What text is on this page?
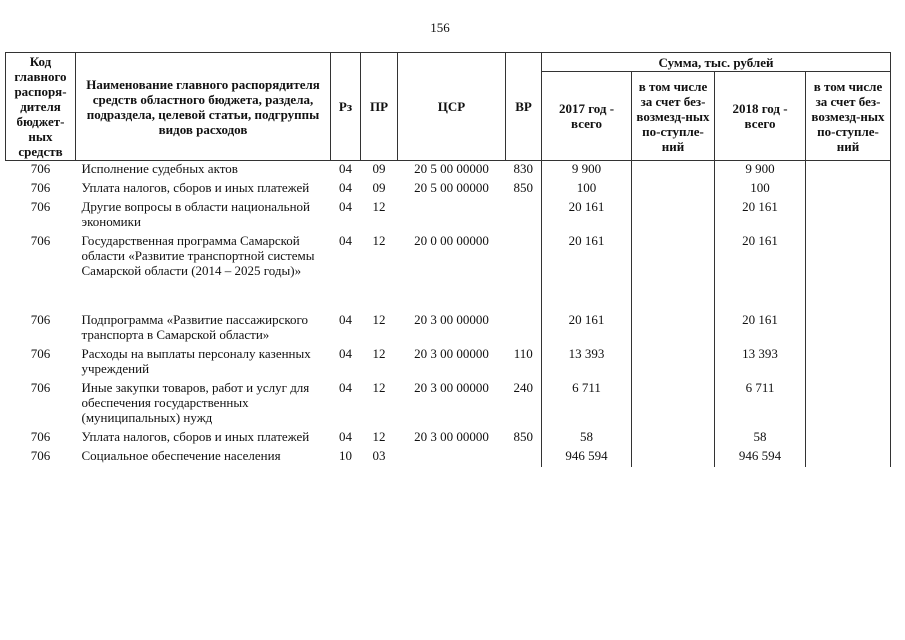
156
Код главного распоря-дителя бюджет-ных средств	Наименование главного распорядителя средств областного бюджета, раздела, подраздела, целевой статьи, подгруппы видов расходов	Рз	ПР	ЦСР	ВР	Сумма, тыс. рублей			
						2017 год - всего	в том числе за счет без-возмезд-ных по-ступле-ний	2018 год - всего	в том числе за счет без-возмезд-ных по-ступле-ний
706	Исполнение судебных актов	04	09	20 5 00 00000	830	9 900		9 900	
706	Уплата налогов, сборов и иных платежей	04	09	20 5 00 00000	850	100		100	
706	Другие вопросы в области национальной экономики	04	12			20 161		20 161	
706	Государственная программа Самарской области «Развитие транспортной системы Самарской области (2014 – 2025 годы)»	04	12	20 0 00 00000		20 161		20 161	
706	Подпрограмма «Развитие пассажирского транспорта в Самарской области»	04	12	20 3 00 00000		20 161		20 161	
706	Расходы на выплаты персоналу казенных учреждений	04	12	20 3 00 00000	110	13 393		13 393	
706	Иные закупки товаров, работ и услуг для обеспечения государственных (муниципальных) нужд	04	12	20 3 00 00000	240	6 711		6 711	
706	Уплата налогов, сборов и иных платежей	04	12	20 3 00 00000	850	58		58	
706	Социальное обеспечение населения	10	03			946 594		946 594	
